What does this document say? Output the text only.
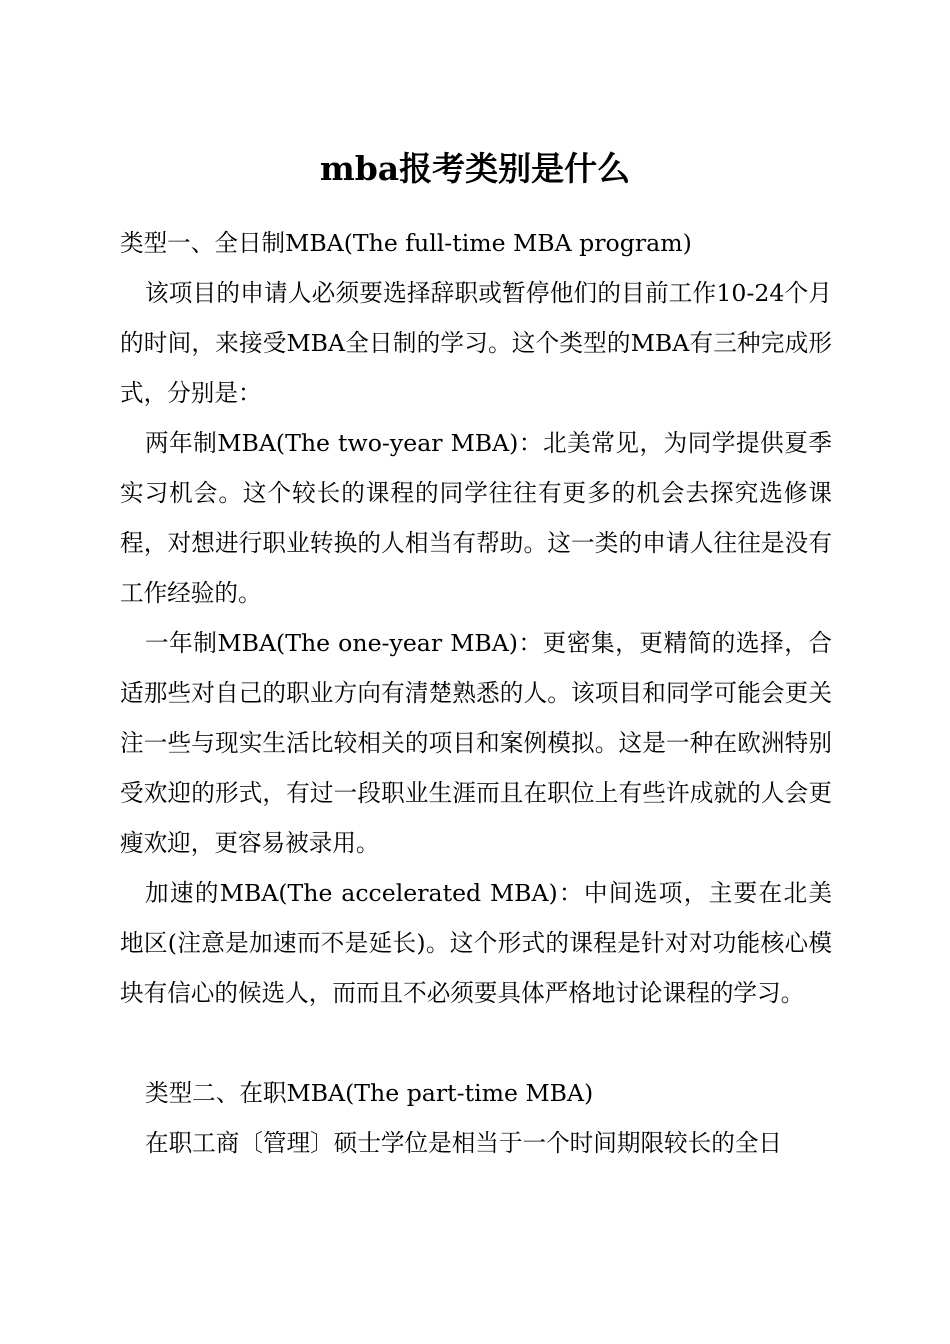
mba报考类别是什么

类型一、全日制MBA(The full-time MBA program)

该项目的申请人必须要选择辞职或暂停他们的目前工作10-24个月的时间，来接受MBA全日制的学习。这个类型的MBA有三种完成形式，分别是：

两年制MBA(The two-year MBA)：北美常见，为同学提供夏季实习机会。这个较长的课程的同学往往有更多的机会去探究选修课程，对想进行职业转换的人相当有帮助。这一类的申请人往往是没有工作经验的。

一年制MBA(The one-year MBA)：更密集，更精简的选择，合适那些对自己的职业方向有清楚熟悉的人。该项目和同学可能会更关注一些与现实生活比较相关的项目和案例模拟。这是一种在欧洲特别受欢迎的形式，有过一段职业生涯而且在职位上有些许成就的人会更瘦欢迎，更容易被录用。

加速的MBA(The accelerated MBA)：中间选项，主要在北美地区(注意是加速而不是延长)。这个形式的课程是针对对功能核心模块有信心的候选人，而而且不必须要具体严格地讨论课程的学习。

类型二、在职MBA(The part-time MBA)

在职工商〔管理〕硕士学位是相当于一个时间期限较长的全日
